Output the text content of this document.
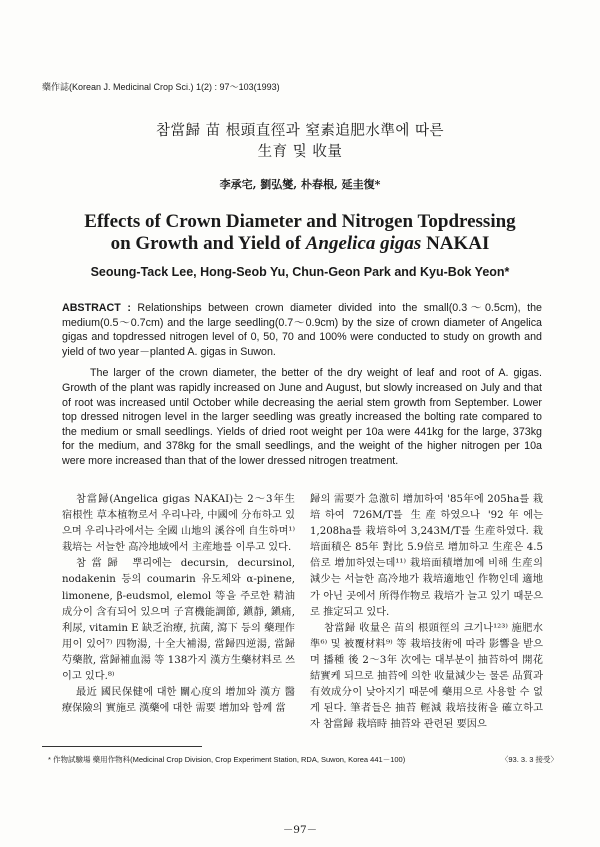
藥作誌(Korean J. Medicinal Crop Sci.) 1(2) : 97～103(1993)
참當歸 苗 根頭直徑과 窒素追肥水準에 따른
生育 및 收量
李承宅, 劉弘燮, 朴春根, 延圭復*
Effects of Crown Diameter and Nitrogen Topdressing
on Growth and Yield of Angelica gigas NAKAI
Seoung-Tack Lee, Hong-Seob Yu, Chun-Geon Park and Kyu-Bok Yeon*

ABSTRACT : Relationships between crown diameter divided into the small(0.3～0.5cm), the medium(0.5～0.7cm) and the large seedling(0.7～0.9cm) by the size of crown diameter of Angelica gigas and topdressed nitrogen level of 0, 50, 70 and 100% were conducted to study on growth and yield of two year－planted A. gigas in Suwon.

The larger of the crown diameter, the better of the dry weight of leaf and root of A. gigas. Growth of the plant was rapidly increased on June and August, but slowly increased on July and that of root was increased until October while decreasing the aerial stem growth from September. Lower top dressed nitrogen level in the larger seedling was greatly increased the bolting rate compared to the medium or small seedlings. Yields of dried root weight per 10a were 441kg for the large, 373kg for the medium, and 378kg for the small seedlings, and the weight of the higher nitrogen per 10a were more increased than that of the lower dressed nitrogen treatment.

참當歸(Angelica gigas NAKAI)는 2～3年生 宿根性 草本植物로서 우리나라, 中國에 分布하고 있으며 우리나라에서는 全國 山地의 溪谷에 自生하며¹⁾ 栽培는 서늘한 高冷地域에서 主産地를 이루고 있다.

참當歸 뿌리에는 decursin, decursinol, nodakenin 등의 coumarin 유도체와 α-pinene, limonene, β-eudsmol, elemol 等을 주로한 精油成分이 含有되어 있으며 子宮機能調節, 鎭靜, 鎭痛, 利尿, vitamin E 缺乏治療, 抗菌, 瀉下 등의 藥理作用이 있어⁷⁾ 四物湯, 十全大補湯, 當歸四逆湯, 當歸芍藥散, 當歸補血湯 等 138가지 漢方生藥材料로 쓰이고 있다.⁸⁾

最近 國民保健에 대한 關心度의 增加와 漢方 醫療保險의 實施로 漢藥에 대한 需要 增加와 함께 當

歸의 需要가 急激히 增加하여 '85年에 205ha를 栽培하여 726M/T를 生産하였으나 '92年에는 1,208ha를 栽培하여 3,243M/T를 生産하였다. 栽培面積은 85年 對比 5.9倍로 增加하고 生産은 4.5倍로 增加하였는데¹¹⁾ 栽培面積增加에 비해 生産의 減少는 서늘한 高冷地가 栽培適地인 作物인데 適地가 아닌 곳에서 所得作物로 栽培가 늘고 있기 때문으로 推定되고 있다.

참當歸 收量은 苗의 根頭徑의 크기나¹²³⁾ 施肥水準⁶⁾ 및 被覆材料⁹⁾ 等 栽培技術에 따라 影響을 받으며 播種 後 2～3年 次에는 대부분이 抽苔하여 開花結實케 되므로 抽苔에 의한 收量減少는 물론 品質과 有效成分이 낮아지기 때문에 藥用으로 사용할 수 없게 된다. 筆者들은 抽苔 輕減 栽培技術을 確立하고자 참當歸 栽培時 抽苔와 관련된 要因으

* 作物試驗場 藥用作物科(Medicinal Crop Division, Crop Experiment Station, RDA, Suwon, Korea 441－100)	〈93. 3. 3 接受〉
－97－
